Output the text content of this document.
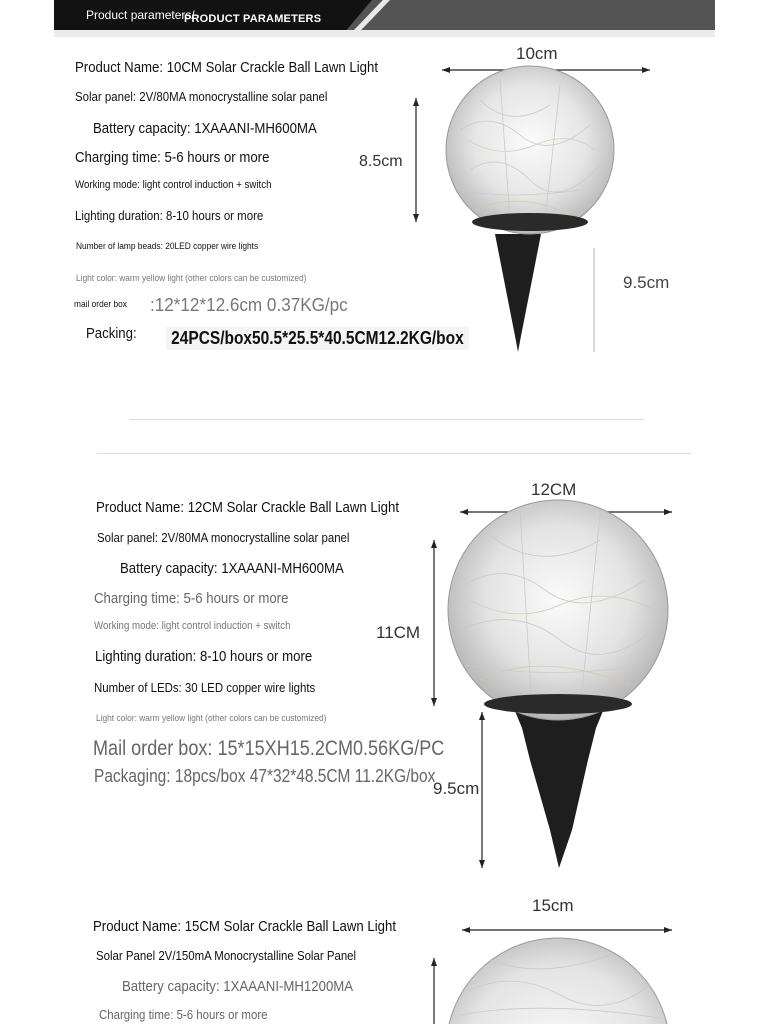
Product parameters/
PRODUCT PARAMETERS
Product Name: 10CM Solar Crackle Ball Lawn Light
Solar panel: 2V/80MA monocrystalline solar panel
Battery capacity: 1XAAANI-MH600MA
Charging time: 5-6 hours or more
Working mode: light control induction + switch
Lighting duration: 8-10 hours or more
Number of lamp beads: 20LED copper wire lights
Light color: warm yellow light (other colors can be customized)
mail order box :12*12*12.6cm 0.37KG/pc
Packing: 24PCS/box50.5*25.5*40.5CM12.2KG/box
10cm
8.5cm
9.5cm
Product Name: 12CM Solar Crackle Ball Lawn Light
Solar panel: 2V/80MA monocrystalline solar panel
Battery capacity: 1XAAANI-MH600MA
Charging time: 5-6 hours or more
Working mode: light control induction + switch
Lighting duration: 8-10 hours or more
Number of LEDs: 30 LED copper wire lights
Light color: warm yellow light (other colors can be customized)
Mail order box: 15*15XH15.2CM0.56KG/PC
Packaging: 18pcs/box 47*32*48.5CM 11.2KG/box
12CM
11CM
9.5cm
Product Name: 15CM Solar Crackle Ball Lawn Light
Solar Panel 2V/150mA Monocrystalline Solar Panel
Battery capacity: 1XAAANI-MH1200MA
Charging time: 5-6 hours or more
15cm
